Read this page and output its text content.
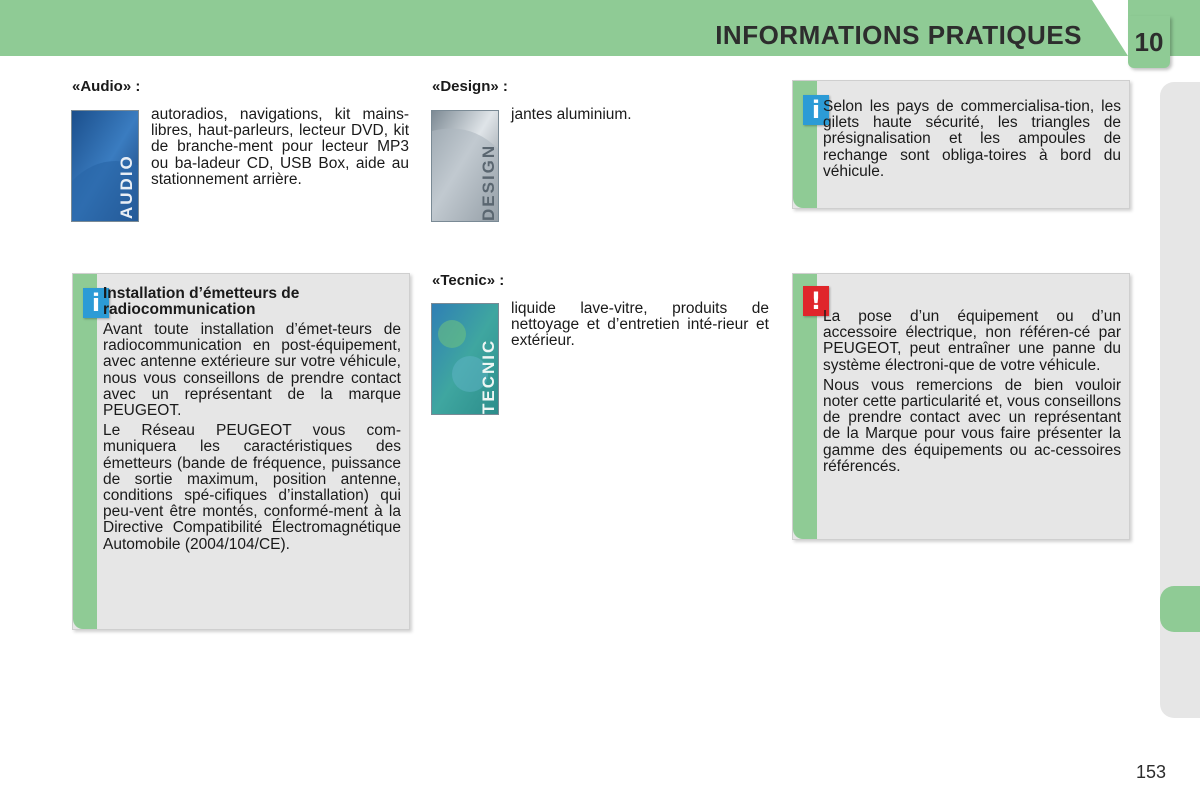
INFORMATIONS PRATIQUES 10
«Audio» :
AUDIO
autoradios, navigations, kit mains-libres, haut-parleurs, lecteur DVD, kit de branche-ment pour lecteur MP3 ou ba-ladeur CD, USB Box, aide au stationnement arrière.
«Design» :
DESIGN
jantes aluminium.
«Tecnic» :
TECNIC
liquide lave-vitre, produits de nettoyage et d’entretien inté-rieur et extérieur.
i Selon les pays de commercialisa-tion, les gilets haute sécurité, les triangles de présignalisation et les ampoules de rechange sont obliga-toires à bord du véhicule.
i Installation d’émetteurs de radiocommunication
Avant toute installation d’émet-teurs de radiocommunication en post-équipement, avec antenne extérieure sur votre véhicule, nous vous conseillons de prendre contact avec un représentant de la marque PEUGEOT.
Le Réseau PEUGEOT vous com-muniquera les caractéristiques des émetteurs (bande de fréquence, puissance de sortie maximum, position antenne, conditions spé-cifiques d’installation) qui peu-vent être montés, conformé-ment à la Directive Compatibilité Électromagnétique Automobile (2004/104/CE).
!
La pose d’un équipement ou d’un accessoire électrique, non référen-cé par PEUGEOT, peut entraîner une panne du système électroni-que de votre véhicule.
Nous vous remercions de bien vouloir noter cette particularité et, vous conseillons de prendre contact avec un représentant de la Marque pour vous faire présenter la gamme des équipements ou ac-cessoires référencés.
153
